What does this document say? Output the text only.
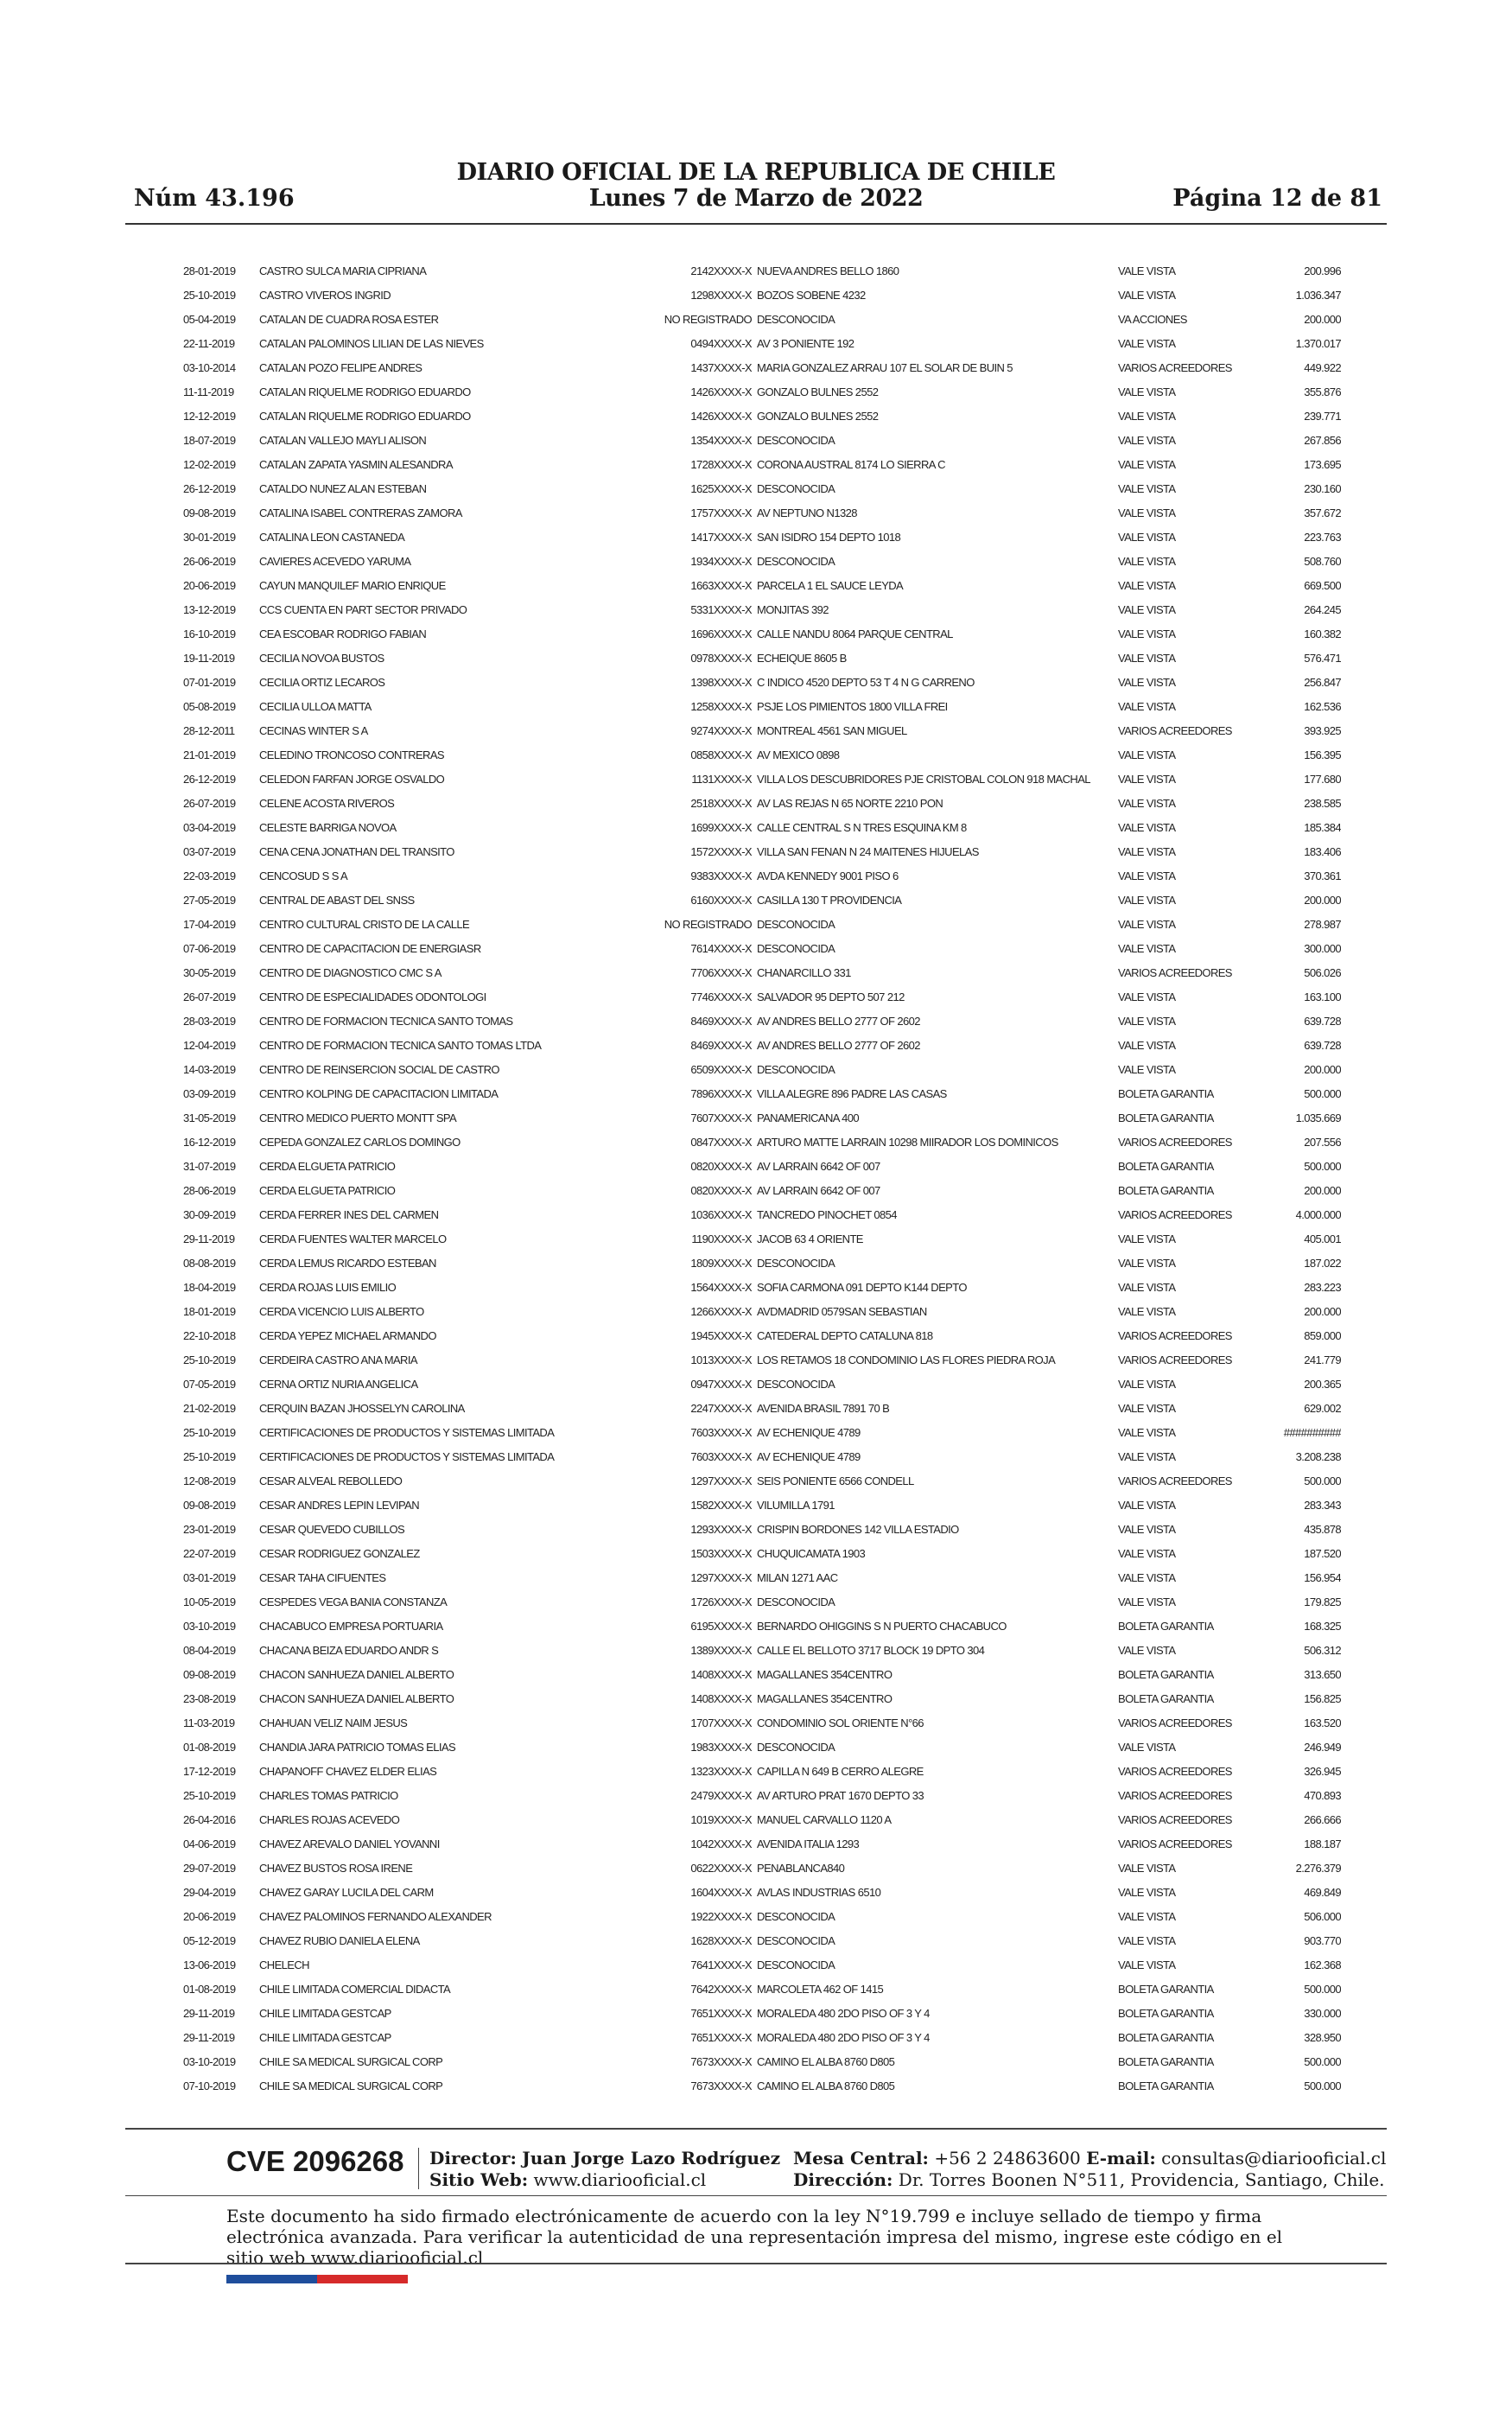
Núm 43.196
DIARIO OFICIAL DE LA REPUBLICA DE CHILE
Lunes 7 de Marzo de 2022	Página 12 de 81
28-01-2019	CASTRO SULCA MARIA CIPRIANA	2142XXXX-X	NUEVA ANDRES BELLO 1860	VALE VISTA	200.996
25-10-2019	CASTRO VIVEROS INGRID	1298XXXX-X	BOZOS SOBENE 4232	VALE VISTA	1.036.347
05-04-2019	CATALAN DE CUADRA ROSA ESTER	NO REGISTRADO	DESCONOCIDA	VA ACCIONES	200.000
22-11-2019	CATALAN PALOMINOS LILIAN DE LAS NIEVES	0494XXXX-X	AV 3 PONIENTE 192	VALE VISTA	1.370.017
03-10-2014	CATALAN POZO FELIPE ANDRES	1437XXXX-X	MARIA GONZALEZ ARRAU 107 EL SOLAR DE BUIN 5	VARIOS ACREEDORES	449.922
11-11-2019	CATALAN RIQUELME RODRIGO EDUARDO	1426XXXX-X	GONZALO BULNES 2552	VALE VISTA	355.876
12-12-2019	CATALAN RIQUELME RODRIGO EDUARDO	1426XXXX-X	GONZALO BULNES 2552	VALE VISTA	239.771
18-07-2019	CATALAN VALLEJO MAYLI ALISON	1354XXXX-X	DESCONOCIDA	VALE VISTA	267.856
12-02-2019	CATALAN ZAPATA YASMIN ALESANDRA	1728XXXX-X	CORONA AUSTRAL 8174 LO SIERRA C	VALE VISTA	173.695
26-12-2019	CATALDO NUNEZ ALAN ESTEBAN	1625XXXX-X	DESCONOCIDA	VALE VISTA	230.160
09-08-2019	CATALINA ISABEL CONTRERAS ZAMORA	1757XXXX-X	AV NEPTUNO N1328	VALE VISTA	357.672
30-01-2019	CATALINA LEON CASTANEDA	1417XXXX-X	SAN ISIDRO 154 DEPTO 1018	VALE VISTA	223.763
26-06-2019	CAVIERES ACEVEDO YARUMA	1934XXXX-X	DESCONOCIDA	VALE VISTA	508.760
20-06-2019	CAYUN MANQUILEF MARIO ENRIQUE	1663XXXX-X	PARCELA 1 EL SAUCE LEYDA	VALE VISTA	669.500
13-12-2019	CCS CUENTA EN PART SECTOR PRIVADO	5331XXXX-X	MONJITAS 392	VALE VISTA	264.245
16-10-2019	CEA ESCOBAR RODRIGO FABIAN	1696XXXX-X	CALLE NANDU 8064 PARQUE CENTRAL	VALE VISTA	160.382
19-11-2019	CECILIA NOVOA BUSTOS	0978XXXX-X	ECHEIQUE 8605 B	VALE VISTA	576.471
07-01-2019	CECILIA ORTIZ LECAROS	1398XXXX-X	C INDICO 4520 DEPTO 53 T 4 N G CARRENO	VALE VISTA	256.847
05-08-2019	CECILIA ULLOA MATTA	1258XXXX-X	PSJE LOS PIMIENTOS 1800 VILLA FREI	VALE VISTA	162.536
28-12-2011	CECINAS WINTER S A	9274XXXX-X	MONTREAL 4561 SAN MIGUEL	VARIOS ACREEDORES	393.925
21-01-2019	CELEDINO TRONCOSO CONTRERAS	0858XXXX-X	AV MEXICO 0898	VALE VISTA	156.395
26-12-2019	CELEDON FARFAN JORGE OSVALDO	1131XXXX-X	VILLA LOS DESCUBRIDORES PJE CRISTOBAL COLON 918 MACHAL	VALE VISTA	177.680
26-07-2019	CELENE ACOSTA RIVEROS	2518XXXX-X	AV LAS REJAS N 65 NORTE 2210 PON	VALE VISTA	238.585
03-04-2019	CELESTE BARRIGA NOVOA	1699XXXX-X	CALLE CENTRAL S N TRES ESQUINA KM 8	VALE VISTA	185.384
03-07-2019	CENA CENA JONATHAN DEL TRANSITO	1572XXXX-X	VILLA SAN FENAN N 24 MAITENES HIJUELAS	VALE VISTA	183.406
22-03-2019	CENCOSUD S S A	9383XXXX-X	AVDA KENNEDY 9001 PISO 6	VALE VISTA	370.361
27-05-2019	CENTRAL DE ABAST DEL SNSS	6160XXXX-X	CASILLA 130 T PROVIDENCIA	VALE VISTA	200.000
17-04-2019	CENTRO CULTURAL CRISTO DE LA CALLE	NO REGISTRADO	DESCONOCIDA	VALE VISTA	278.987
07-06-2019	CENTRO DE CAPACITACION DE ENERGIASR	7614XXXX-X	DESCONOCIDA	VALE VISTA	300.000
30-05-2019	CENTRO DE DIAGNOSTICO CMC S A	7706XXXX-X	CHANARCILLO 331	VARIOS ACREEDORES	506.026
26-07-2019	CENTRO DE ESPECIALIDADES ODONTOLOGI	7746XXXX-X	SALVADOR 95 DEPTO 507 212	VALE VISTA	163.100
28-03-2019	CENTRO DE FORMACION TECNICA SANTO TOMAS	8469XXXX-X	AV ANDRES BELLO 2777 OF 2602	VALE VISTA	639.728
12-04-2019	CENTRO DE FORMACION TECNICA SANTO TOMAS LTDA	8469XXXX-X	AV ANDRES BELLO 2777 OF 2602	VALE VISTA	639.728
14-03-2019	CENTRO DE REINSERCION SOCIAL DE CASTRO	6509XXXX-X	DESCONOCIDA	VALE VISTA	200.000
03-09-2019	CENTRO KOLPING DE CAPACITACION LIMITADA	7896XXXX-X	VILLA ALEGRE 896 PADRE LAS CASAS	BOLETA GARANTIA	500.000
31-05-2019	CENTRO MEDICO PUERTO MONTT SPA	7607XXXX-X	PANAMERICANA 400	BOLETA GARANTIA	1.035.669
16-12-2019	CEPEDA GONZALEZ CARLOS DOMINGO	0847XXXX-X	ARTURO MATTE LARRAIN 10298 MIIRADOR LOS DOMINICOS	VARIOS ACREEDORES	207.556
31-07-2019	CERDA ELGUETA PATRICIO	0820XXXX-X	AV LARRAIN 6642 OF 007	BOLETA GARANTIA	500.000
28-06-2019	CERDA ELGUETA PATRICIO	0820XXXX-X	AV LARRAIN 6642 OF 007	BOLETA GARANTIA	200.000
30-09-2019	CERDA FERRER INES DEL CARMEN	1036XXXX-X	TANCREDO PINOCHET 0854	VARIOS ACREEDORES	4.000.000
29-11-2019	CERDA FUENTES WALTER MARCELO	1190XXXX-X	JACOB 63 4 ORIENTE	VALE VISTA	405.001
08-08-2019	CERDA LEMUS RICARDO ESTEBAN	1809XXXX-X	DESCONOCIDA	VALE VISTA	187.022
18-04-2019	CERDA ROJAS LUIS EMILIO	1564XXXX-X	SOFIA CARMONA 091 DEPTO K144 DEPTO	VALE VISTA	283.223
18-01-2019	CERDA VICENCIO LUIS ALBERTO	1266XXXX-X	AVDMADRID 0579SAN SEBASTIAN	VALE VISTA	200.000
22-10-2018	CERDA YEPEZ MICHAEL ARMANDO	1945XXXX-X	CATEDERAL DEPTO CATALUNA 818	VARIOS ACREEDORES	859.000
25-10-2019	CERDEIRA CASTRO ANA MARIA	1013XXXX-X	LOS RETAMOS 18 CONDOMINIO LAS FLORES PIEDRA ROJA	VARIOS ACREEDORES	241.779
07-05-2019	CERNA ORTIZ NURIA ANGELICA	0947XXXX-X	DESCONOCIDA	VALE VISTA	200.365
21-02-2019	CERQUIN BAZAN JHOSSELYN CAROLINA	2247XXXX-X	AVENIDA BRASIL 7891 70 B	VALE VISTA	629.002
25-10-2019	CERTIFICACIONES DE PRODUCTOS Y SISTEMAS LIMITADA	7603XXXX-X	AV ECHENIQUE 4789	VALE VISTA	##########
25-10-2019	CERTIFICACIONES DE PRODUCTOS Y SISTEMAS LIMITADA	7603XXXX-X	AV ECHENIQUE 4789	VALE VISTA	3.208.238
12-08-2019	CESAR ALVEAL REBOLLEDO	1297XXXX-X	SEIS PONIENTE 6566 CONDELL	VARIOS ACREEDORES	500.000
09-08-2019	CESAR ANDRES LEPIN LEVIPAN	1582XXXX-X	VILUMILLA 1791	VALE VISTA	283.343
23-01-2019	CESAR QUEVEDO CUBILLOS	1293XXXX-X	CRISPIN BORDONES 142 VILLA ESTADIO	VALE VISTA	435.878
22-07-2019	CESAR RODRIGUEZ GONZALEZ	1503XXXX-X	CHUQUICAMATA 1903	VALE VISTA	187.520
03-01-2019	CESAR TAHA CIFUENTES	1297XXXX-X	MILAN 1271 AAC	VALE VISTA	156.954
10-05-2019	CESPEDES VEGA BANIA CONSTANZA	1726XXXX-X	DESCONOCIDA	VALE VISTA	179.825
03-10-2019	CHACABUCO EMPRESA PORTUARIA	6195XXXX-X	BERNARDO OHIGGINS S N PUERTO CHACABUCO	BOLETA GARANTIA	168.325
08-04-2019	CHACANA BEIZA EDUARDO ANDR S	1389XXXX-X	CALLE EL BELLOTO 3717 BLOCK 19 DPTO 304	VALE VISTA	506.312
09-08-2019	CHACON SANHUEZA DANIEL ALBERTO	1408XXXX-X	MAGALLANES 354CENTRO	BOLETA GARANTIA	313.650
23-08-2019	CHACON SANHUEZA DANIEL ALBERTO	1408XXXX-X	MAGALLANES 354CENTRO	BOLETA GARANTIA	156.825
11-03-2019	CHAHUAN VELIZ NAIM JESUS	1707XXXX-X	CONDOMINIO SOL ORIENTE N°66	VARIOS ACREEDORES	163.520
01-08-2019	CHANDIA JARA PATRICIO TOMAS ELIAS	1983XXXX-X	DESCONOCIDA	VALE VISTA	246.949
17-12-2019	CHAPANOFF CHAVEZ ELDER ELIAS	1323XXXX-X	CAPILLA N 649 B CERRO ALEGRE	VARIOS ACREEDORES	326.945
25-10-2019	CHARLES TOMAS PATRICIO	2479XXXX-X	AV ARTURO PRAT 1670 DEPTO 33	VARIOS ACREEDORES	470.893
26-04-2016	CHARLES ROJAS ACEVEDO	1019XXXX-X	MANUEL CARVALLO 1120 A	VARIOS ACREEDORES	266.666
04-06-2019	CHAVEZ AREVALO DANIEL YOVANNI	1042XXXX-X	AVENIDA ITALIA 1293	VARIOS ACREEDORES	188.187
29-07-2019	CHAVEZ BUSTOS ROSA IRENE	0622XXXX-X	PENABLANCA840	VALE VISTA	2.276.379
29-04-2019	CHAVEZ GARAY LUCILA DEL CARM	1604XXXX-X	AVLAS INDUSTRIAS 6510	VALE VISTA	469.849
20-06-2019	CHAVEZ PALOMINOS FERNANDO ALEXANDER	1922XXXX-X	DESCONOCIDA	VALE VISTA	506.000
05-12-2019	CHAVEZ RUBIO DANIELA ELENA	1628XXXX-X	DESCONOCIDA	VALE VISTA	903.770
13-06-2019	CHELECH	7641XXXX-X	DESCONOCIDA	VALE VISTA	162.368
01-08-2019	CHILE LIMITADA COMERCIAL DIDACTA	7642XXXX-X	MARCOLETA 462 OF 1415	BOLETA GARANTIA	500.000
29-11-2019	CHILE LIMITADA GESTCAP	7651XXXX-X	MORALEDA 480 2DO PISO OF 3 Y 4	BOLETA GARANTIA	330.000
29-11-2019	CHILE LIMITADA GESTCAP	7651XXXX-X	MORALEDA 480 2DO PISO OF 3 Y 4	BOLETA GARANTIA	328.950
03-10-2019	CHILE SA MEDICAL SURGICAL CORP	7673XXXX-X	CAMINO EL ALBA 8760 D805	BOLETA GARANTIA	500.000
07-10-2019	CHILE SA MEDICAL SURGICAL CORP	7673XXXX-X	CAMINO EL ALBA 8760 D805	BOLETA GARANTIA	500.000
CVE 2096268 Director: Juan Jorge Lazo Rodríguez
Sitio Web: www.diariooficial.cl
Mesa Central: +56 2 24863600 E-mail: consultas@diariooficial.cl
Dirección: Dr. Torres Boonen N°511, Providencia, Santiago, Chile.
Este documento ha sido firmado electrónicamente de acuerdo con la ley N°19.799 e incluye sellado de tiempo y firma electrónica avanzada. Para verificar la autenticidad de una representación impresa del mismo, ingrese este código en el sitio web www.diariooficial.cl
